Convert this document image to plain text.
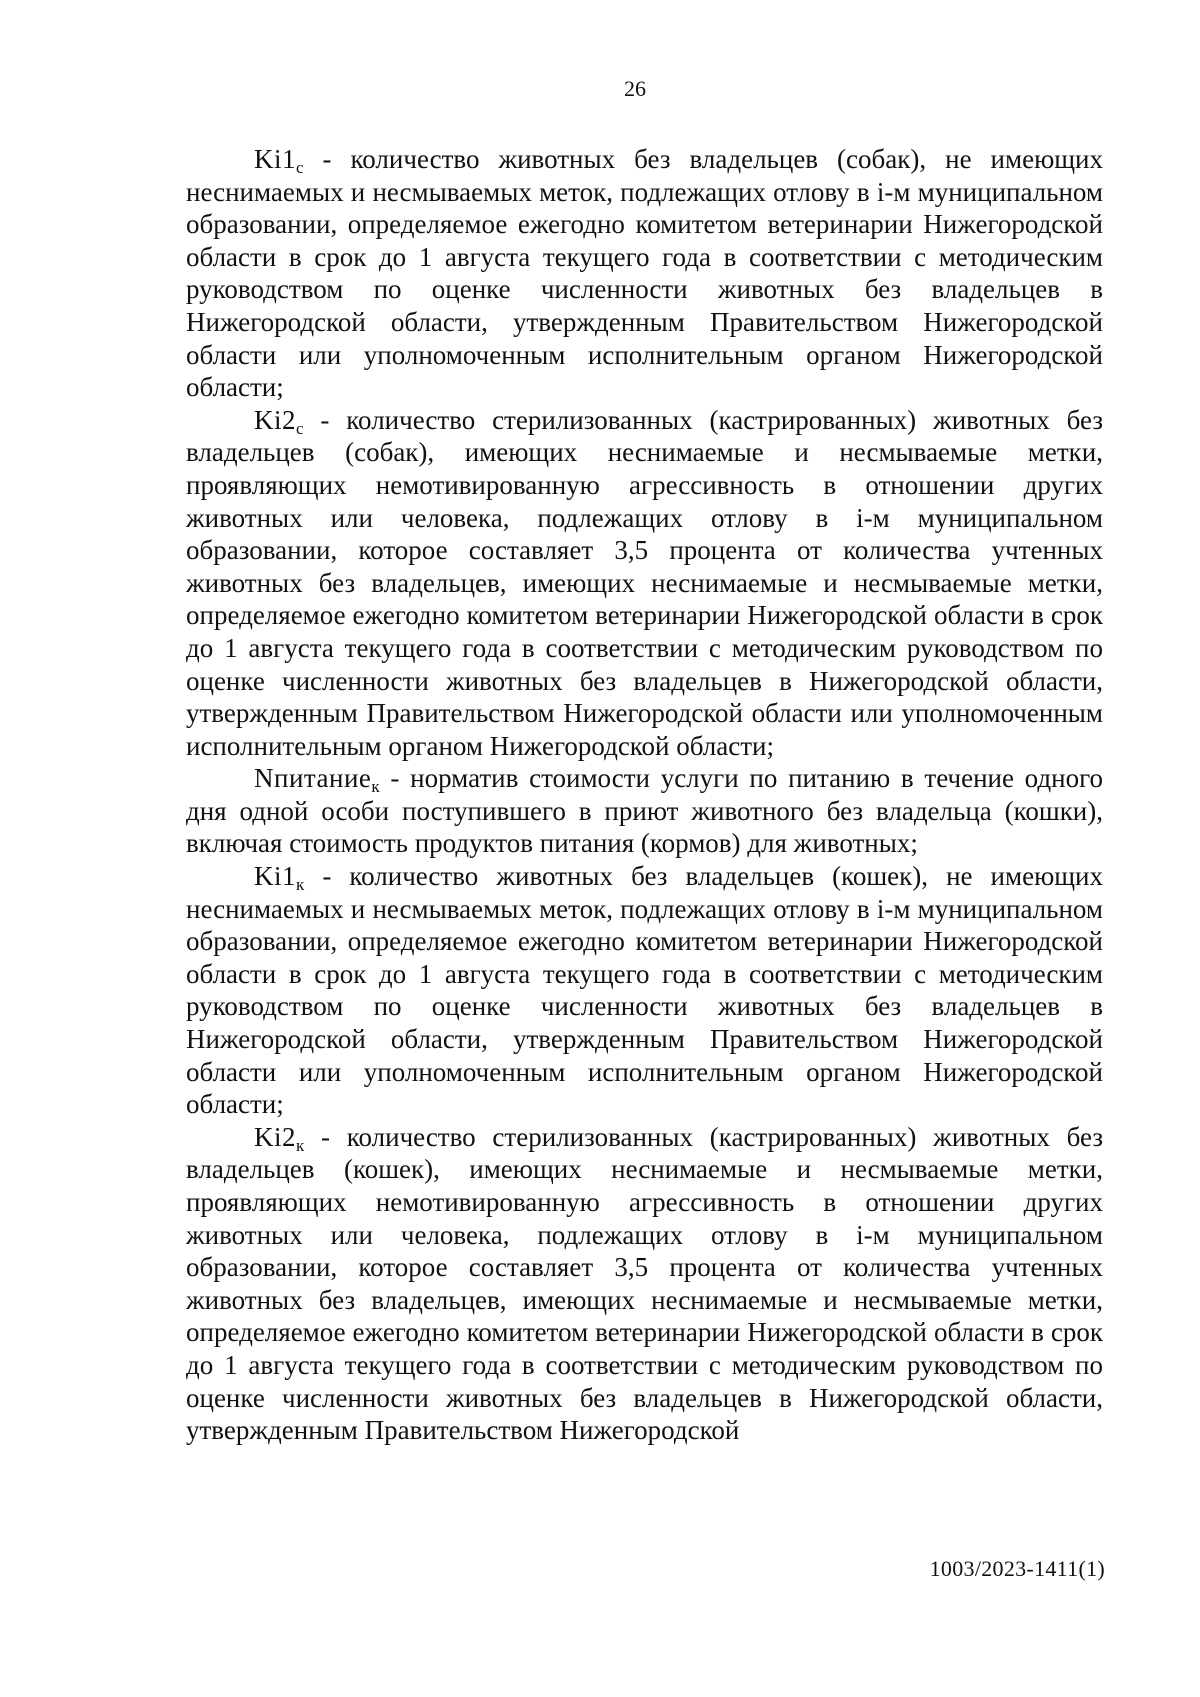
26

$Ki1_с$ - количество животных без владельцев (собак), не имеющих неснимаемых и несмываемых меток, подлежащих отлову в i-м муниципальном образовании, определяемое ежегодно комитетом ветеринарии Нижегородской области в срок до 1 августа текущего года в соответствии с методическим руководством по оценке численности животных без владельцев в Нижегородской области, утвержденным Правительством Нижегородской области или уполномоченным исполнительным органом Нижегородской области;

$Ki2_с$ - количество стерилизованных (кастрированных) животных без владельцев (собак), имеющих неснимаемые и несмываемые метки, проявляющих немотивированную агрессивность в отношении других животных или человека, подлежащих отлову в i-м муниципальном образовании, которое составляет 3,5 процента от количества учтенных животных без владельцев, имеющих неснимаемые и несмываемые метки, определяемое ежегодно комитетом ветеринарии Нижегородской области в срок до 1 августа текущего года в соответствии с методическим руководством по оценке численности животных без владельцев в Нижегородской области, утвержденным Правительством Нижегородской области или уполномоченным исполнительным органом Нижегородской области;

Nпитание$_к$ - норматив стоимости услуги по питанию в течение одного дня одной особи поступившего в приют животного без владельца (кошки), включая стоимость продуктов питания (кормов) для животных;

$Ki1_к$ - количество животных без владельцев (кошек), не имеющих неснимаемых и несмываемых меток, подлежащих отлову в i-м муниципальном образовании, определяемое ежегодно комитетом ветеринарии Нижегородской области в срок до 1 августа текущего года в соответствии с методическим руководством по оценке численности животных без владельцев в Нижегородской области, утвержденным Правительством Нижегородской области или уполномоченным исполнительным органом Нижегородской области;

$Ki2_к$ - количество стерилизованных (кастрированных) животных без владельцев (кошек), имеющих неснимаемые и несмываемые метки, проявляющих немотивированную агрессивность в отношении других животных или человека, подлежащих отлову в i-м муниципальном образовании, которое составляет 3,5 процента от количества учтенных животных без владельцев, имеющих неснимаемые и несмываемые метки, определяемое ежегодно комитетом ветеринарии Нижегородской области в срок до 1 августа текущего года в соответствии с методическим руководством по оценке численности животных без владельцев в Нижегородской области, утвержденным Правительством Нижегородской

1003/2023-1411(1)
